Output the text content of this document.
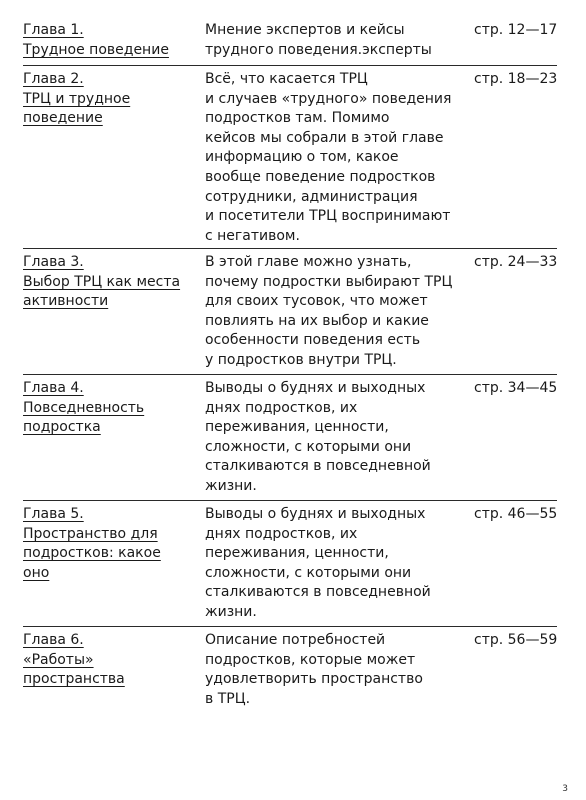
Глава 1.
Трудное поведение
Мнение экспертов и кейсы
трудного поведения.эксперты
стр. 12—17
Глава 2.
ТРЦ и трудное
поведение
Всё, что касается ТРЦ
и случаев «трудного» поведения
подростков там. Помимо
кейсов мы собрали в этой главе
информацию о том, какое
вообще поведение подростков
сотрудники, администрация
и посетители ТРЦ воспринимают
с негативом.
стр. 18—23
Глава 3.
Выбор ТРЦ как места
активности
В этой главе можно узнать,
почему подростки выбирают ТРЦ
для своих тусовок, что может
повлиять на их выбор и какие
особенности поведения есть
у подростков внутри ТРЦ.
стр. 24—33
Глава 4.
Повседневность
подростка
Выводы о буднях и выходных
днях подростков, их
переживания, ценности,
сложности, с которыми они
сталкиваются в повседневной
жизни.
стр. 34—45
Глава 5.
Пространство для
подростков: какое
оно
Выводы о буднях и выходных
днях подростков, их
переживания, ценности,
сложности, с которыми они
сталкиваются в повседневной
жизни.
стр. 46—55
Глава 6.
«Работы»
пространства
Описание потребностей
подростков, которые может
удовлетворить пространство
в ТРЦ.
стр. 56—59
3
